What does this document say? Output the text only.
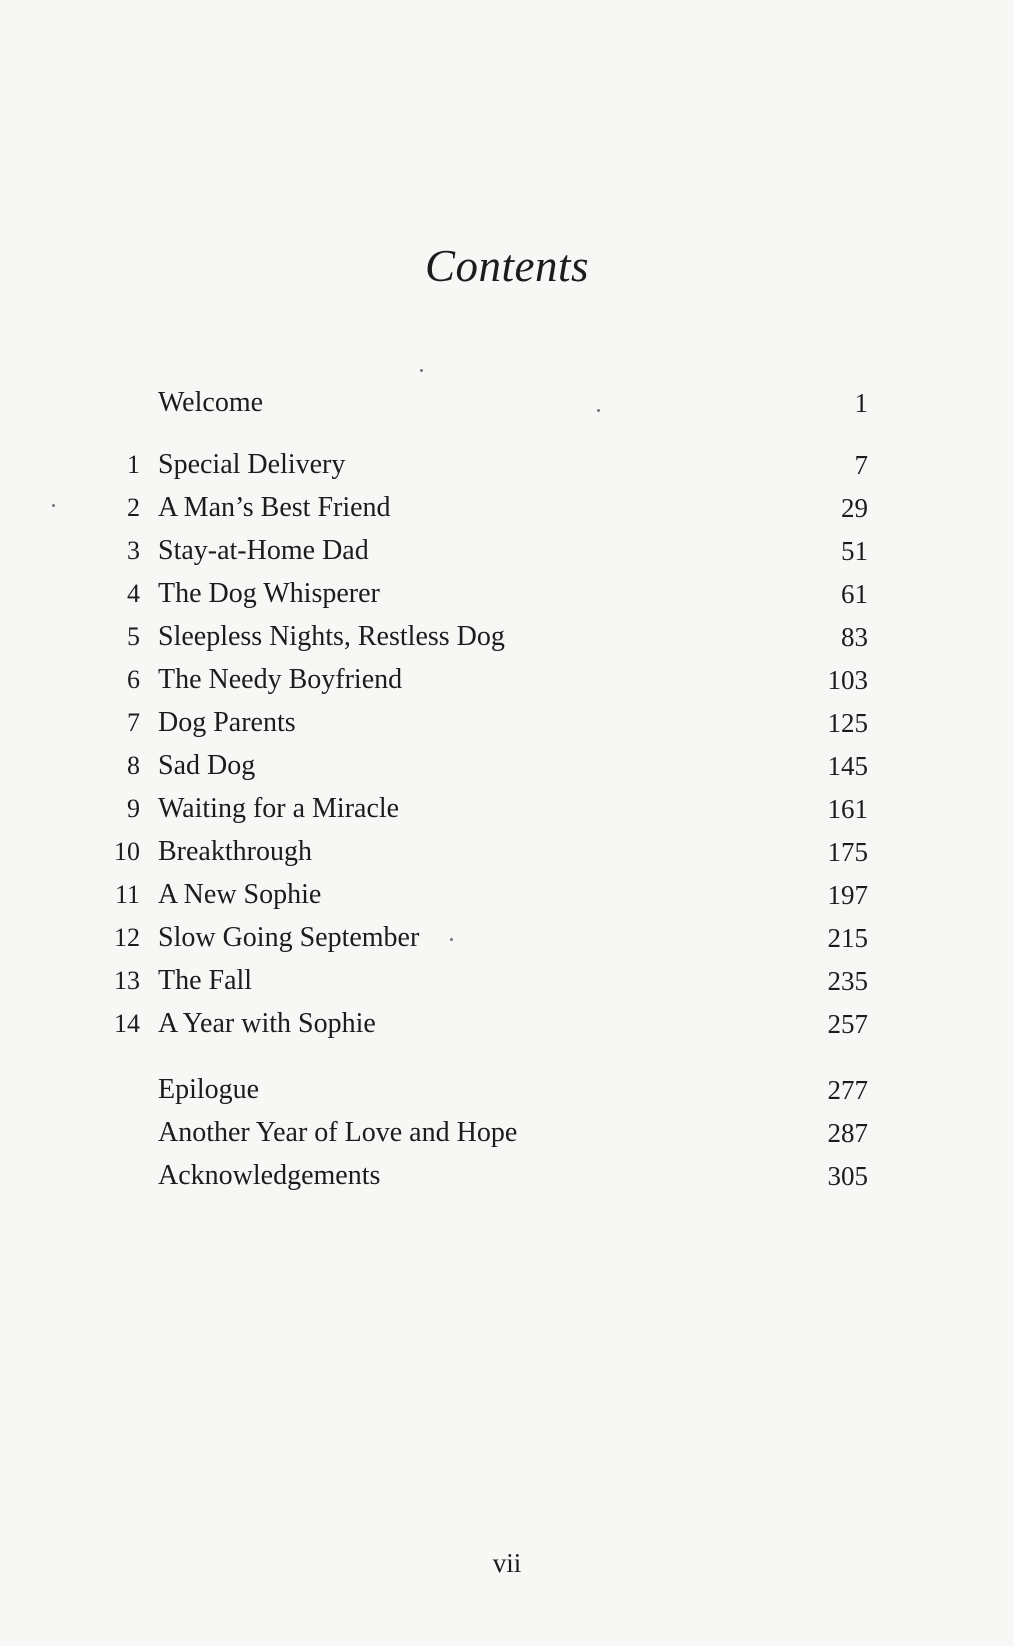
Contents
Welcome	1
1 Special Delivery	7
2 A Man’s Best Friend	29
3 Stay-at-Home Dad	51
4 The Dog Whisperer	61
5 Sleepless Nights, Restless Dog	83
6 The Needy Boyfriend	103
7 Dog Parents	125
8 Sad Dog	145
9 Waiting for a Miracle	161
10 Breakthrough	175
11 A New Sophie	197
12 Slow Going September	215
13 The Fall	235
14 A Year with Sophie	257
Epilogue	277
Another Year of Love and Hope	287
Acknowledgements	305
vii
